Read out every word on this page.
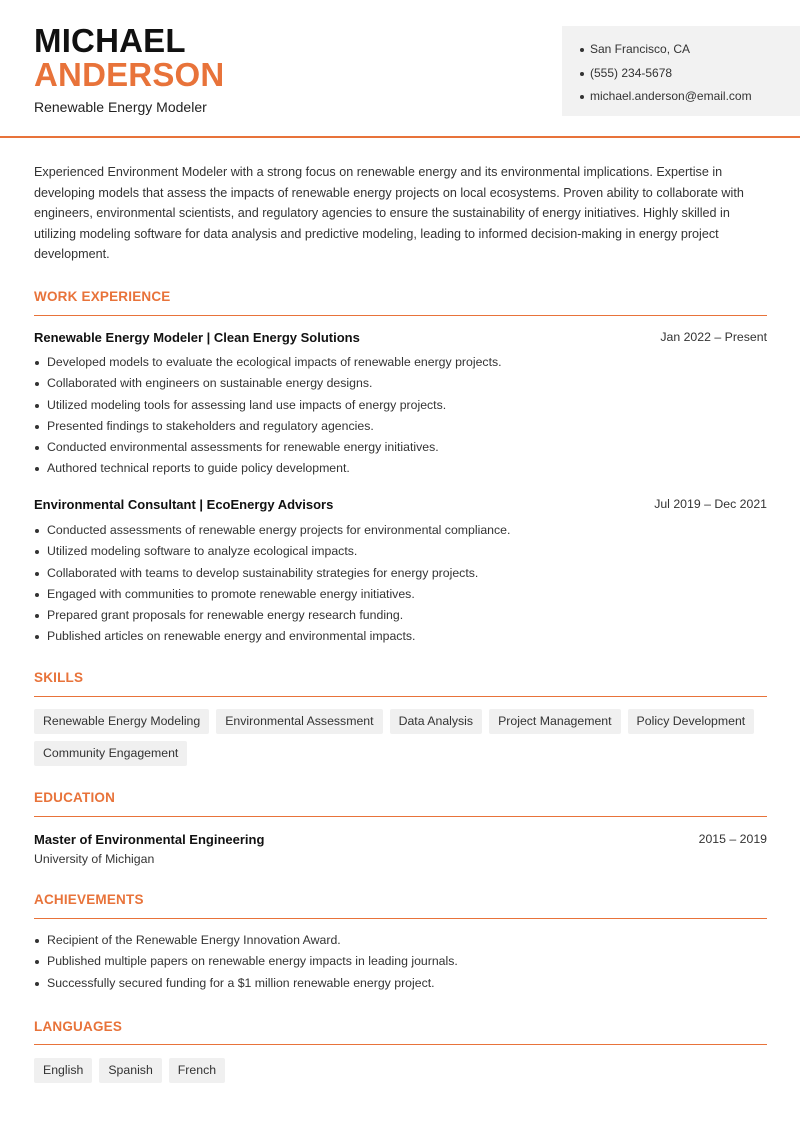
MICHAEL
ANDERSON
Renewable Energy Modeler
San Francisco, CA
(555) 234-5678
michael.anderson@email.com

Experienced Environment Modeler with a strong focus on renewable energy and its environmental implications. Expertise in developing models that assess the impacts of renewable energy projects on local ecosystems. Proven ability to collaborate with engineers, environmental scientists, and regulatory agencies to ensure the sustainability of energy initiatives. Highly skilled in utilizing modeling software for data analysis and predictive modeling, leading to informed decision-making in energy project development.

WORK EXPERIENCE
Renewable Energy Modeler | Clean Energy Solutions	Jan 2022 – Present
Developed models to evaluate the ecological impacts of renewable energy projects.
Collaborated with engineers on sustainable energy designs.
Utilized modeling tools for assessing land use impacts of energy projects.
Presented findings to stakeholders and regulatory agencies.
Conducted environmental assessments for renewable energy initiatives.
Authored technical reports to guide policy development.
Environmental Consultant | EcoEnergy Advisors	Jul 2019 – Dec 2021
Conducted assessments of renewable energy projects for environmental compliance.
Utilized modeling software to analyze ecological impacts.
Collaborated with teams to develop sustainability strategies for energy projects.
Engaged with communities to promote renewable energy initiatives.
Prepared grant proposals for renewable energy research funding.
Published articles on renewable energy and environmental impacts.
SKILLS
Renewable Energy Modeling	Environmental Assessment	Data Analysis	Project Management	Policy Development
Community Engagement
EDUCATION
Master of Environmental Engineering	2015 – 2019
University of Michigan
ACHIEVEMENTS
Recipient of the Renewable Energy Innovation Award.
Published multiple papers on renewable energy impacts in leading journals.
Successfully secured funding for a $1 million renewable energy project.
LANGUAGES
English	Spanish	French
